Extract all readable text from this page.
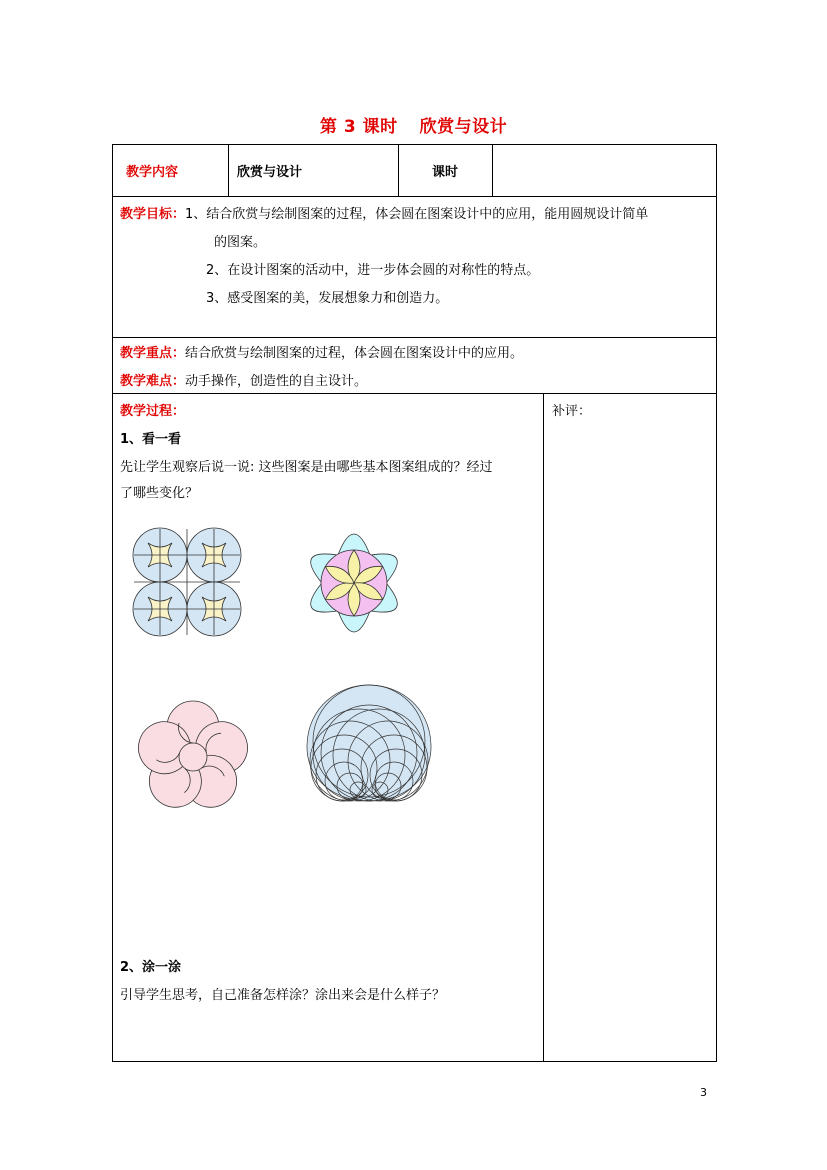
第 3 课时 欣赏与设计
教学内容	欣赏与设计	课时
教学目标：1、结合欣赏与绘制图案的过程，体会圆在图案设计中的应用，能用圆规设计简单
的图案。
2、在设计图案的活动中，进一步体会圆的对称性的特点。
3、感受图案的美，发展想象力和创造力。
教学重点：结合欣赏与绘制图案的过程，体会圆在图案设计中的应用。
教学难点：动手操作，创造性的自主设计。
教学过程：
1、看一看
先让学生观察后说一说: 这些图案是由哪些基本图案组成的？经过
了哪些变化？
2、涂一涂
引导学生思考，自己准备怎样涂？涂出来会是什么样子？
补评：
3
